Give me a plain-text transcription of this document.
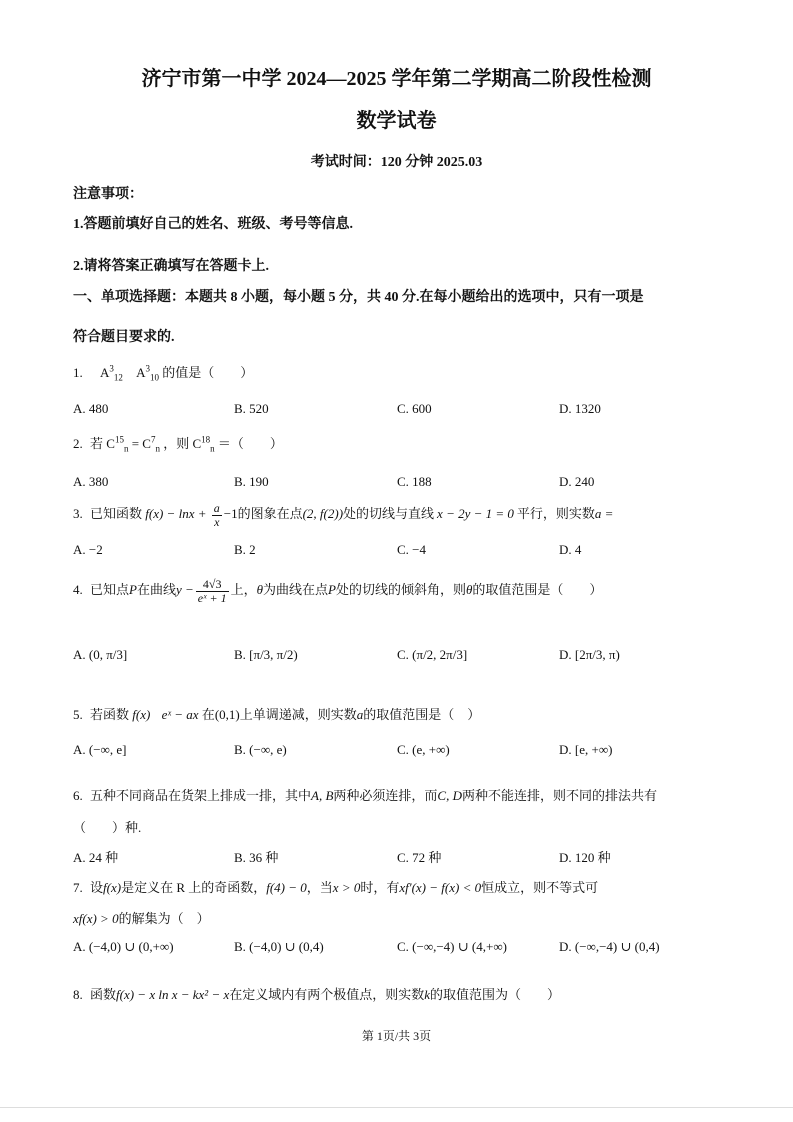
济宁市第一中学 2024—2025 学年第二学期高二阶段性检测
数学试卷
考试时间：120 分钟 2025.03
注意事项：
1.答题前填好自己的姓名、班级、考号等信息.
2.请将答案正确填写在答题卡上.
一、单项选择题：本题共 8 小题，每小题 5 分，共 40 分.在每小题给出的选项中，只有一项是
符合题目要求的.
1. $A^3_{12}$ $A^3_{10}$ 的值是（　　）
A. 480	B. 520	C. 600	D. 1320
2. 若 $C^{15}_n = C^7_n$ ，则 $C^{18}_n$ ＝（　　）
A. 380	B. 190	C. 188	D. 240
3. 已知函数 $f(x) - \ln x + \frac{a}{x} -1$的图象在点(2, f(2))处的切线与直线 x − 2y − 1 = 0 平行，则实数a =
A. −2	B. 2	C. −4	D. 4
4. 已知点P在曲线$y - \frac{4√3}{\text{eˣ + 1}}$ 上，θ为曲线在点P处的切线的倾斜角，则θ的取值范围是（　　）
A. (0, π/3]	B. [π/3, π/2)	C. (π/2, 2π/3]	D. [2π/3, π)
5. 若函数 f(x) eˣ − ax 在(0,1)上单调递减，则实数a的取值范围是（　）
A. (−∞, e]	B. (−∞, e)	C. (e, +∞)	D. [e, +∞)
6. 五种不同商品在货架上排成一排，其中A, B两种必须连排，而C, D两种不能连排，则不同的排法共有
（　　）种.
A. 24 种	B. 36 种	C. 72 种	D. 120 种
7. 设f(x)是定义在 R 上的奇函数，f(4) − 0，当x > 0时，有xf′(x) − f(x) < 0恒成立，则不等式可
xf(x) > 0的解集为（　）
A. (−4,0) ∪ (0,+∞)	B. (−4,0) ∪ (0,4)	C. (−∞,−4) ∪ (4,+∞)	D. (−∞,−4) ∪ (0,4)
8. 函数f(x) − x ln x − kx² − x在定义域内有两个极值点，则实数k的取值范围为（　　）
第 1页/共 3页
